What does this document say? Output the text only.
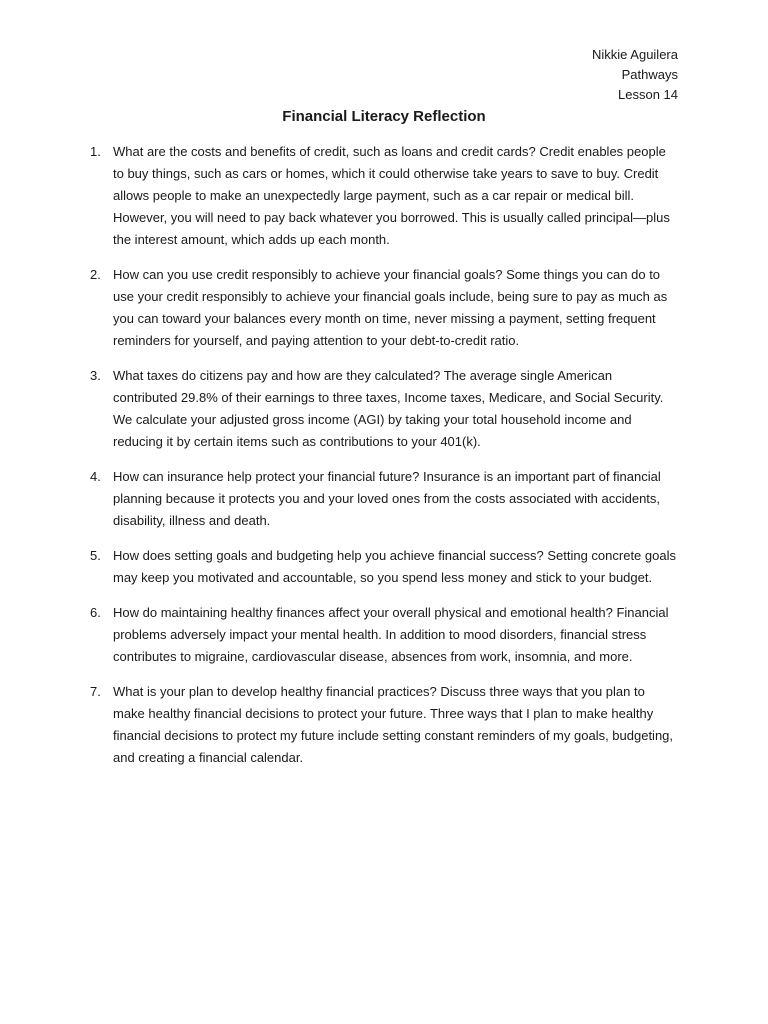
Nikkie Aguilera
Pathways
Lesson 14
Financial Literacy Reflection
1. What are the costs and benefits of credit, such as loans and credit cards? Credit enables people to buy things, such as cars or homes, which it could otherwise take years to save to buy. Credit allows people to make an unexpectedly large payment, such as a car repair or medical bill. However, you will need to pay back whatever you borrowed. This is usually called principal—plus the interest amount, which adds up each month.
2. How can you use credit responsibly to achieve your financial goals? Some things you can do to use your credit responsibly to achieve your financial goals include, being sure to pay as much as you can toward your balances every month on time, never missing a payment, setting frequent reminders for yourself, and paying attention to your debt-to-credit ratio.
3. What taxes do citizens pay and how are they calculated? The average single American contributed 29.8% of their earnings to three taxes, Income taxes, Medicare, and Social Security. We calculate your adjusted gross income (AGI) by taking your total household income and reducing it by certain items such as contributions to your 401(k).
4. How can insurance help protect your financial future? Insurance is an important part of financial planning because it protects you and your loved ones from the costs associated with accidents, disability, illness and death.
5. How does setting goals and budgeting help you achieve financial success? Setting concrete goals may keep you motivated and accountable, so you spend less money and stick to your budget.
6. How do maintaining healthy finances affect your overall physical and emotional health? Financial problems adversely impact your mental health. In addition to mood disorders, financial stress contributes to migraine, cardiovascular disease, absences from work, insomnia, and more.
7. What is your plan to develop healthy financial practices? Discuss three ways that you plan to make healthy financial decisions to protect your future. Three ways that I plan to make healthy financial decisions to protect my future include setting constant reminders of my goals, budgeting, and creating a financial calendar.
